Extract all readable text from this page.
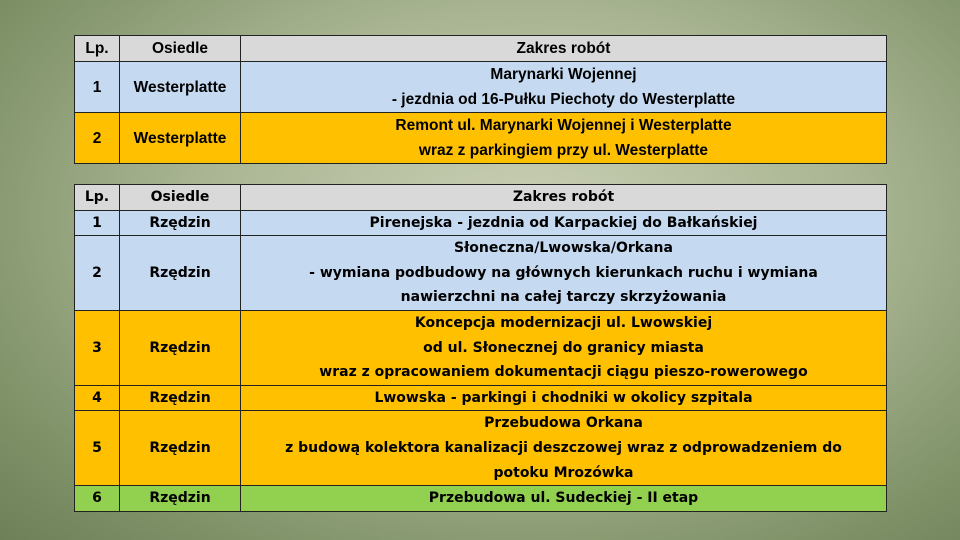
Lp.	Osiedle	Zakres robót
1	Westerplatte	Marynarki Wojennej
- jezdnia od 16-Pułku Piechoty do Westerplatte

2	Westerplatte	Remont ul. Marynarki Wojennej i Westerplatte
wraz z parkingiem przy ul. Westerplatte
Lp.	Osiedle	Zakres robót
1	Rzędzin	Pirenejska - jezdnia od Karpackiej do Bałkańskiej

2	Rzędzin	Słoneczna/Lwowska/Orkana
- wymiana podbudowy na głównych kierunkach ruchu i wymiana
nawierzchni na całej tarczy skrzyżowania

3	Rzędzin	Koncepcja modernizacji ul. Lwowskiej
od ul. Słonecznej do granicy miasta
wraz z opracowaniem dokumentacji ciągu pieszo-rowerowego

4	Rzędzin	Lwowska - parkingi i chodniki w okolicy szpitala

5	Rzędzin	Przebudowa Orkana
z budową kolektora kanalizacji deszczowej wraz z odprowadzeniem do
potoku Mrozówka

6	Rzędzin	Przebudowa ul. Sudeckiej - II etap
